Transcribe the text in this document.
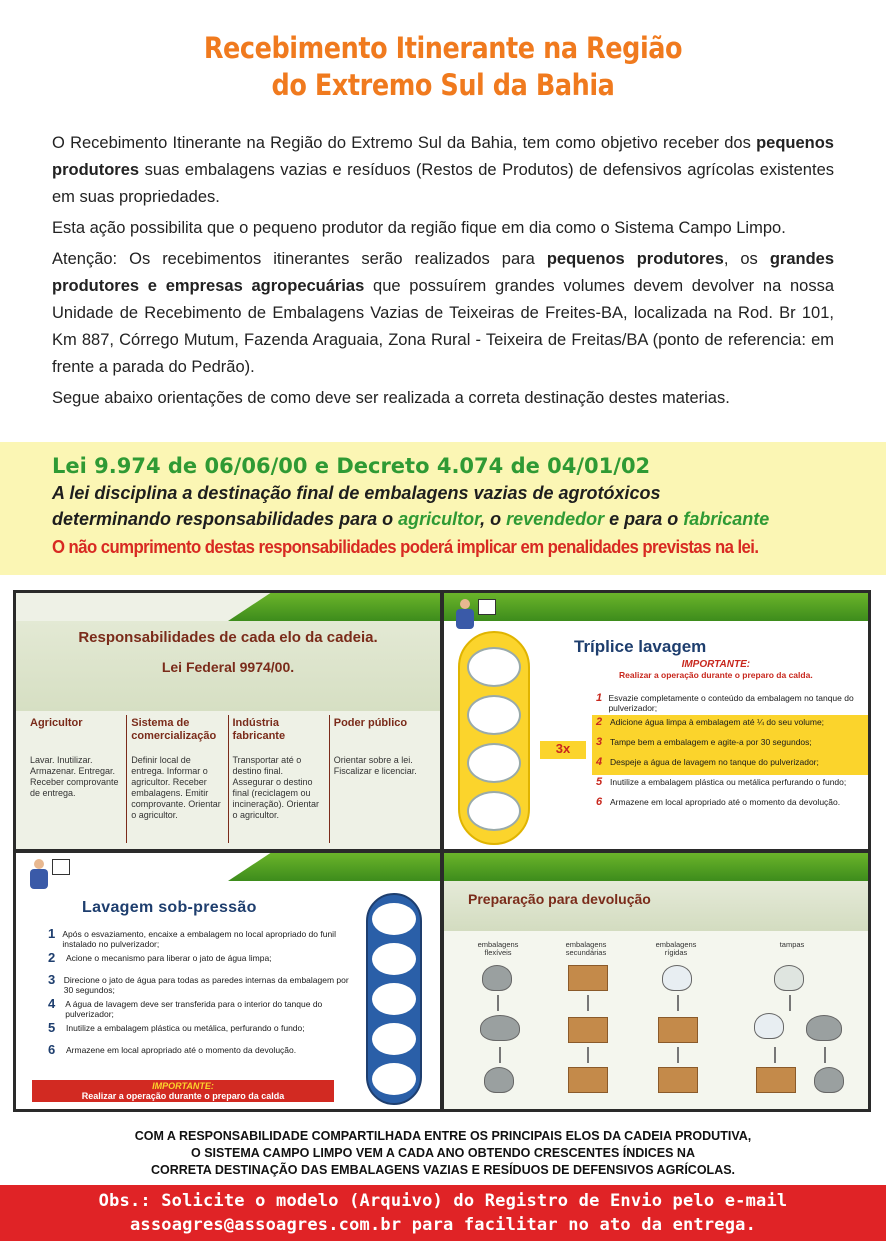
Recebimento Itinerante na Região
do Extremo Sul da Bahia

O Recebimento Itinerante na Região do Extremo Sul da Bahia, tem como objetivo receber dos pequenos produtores suas embalagens vazias e resíduos (Restos de Produtos) de defensivos agrícolas existentes em suas propriedades.

Esta ação possibilita que o pequeno produtor da região fique em dia como o Sistema Campo Limpo.

Atenção: Os recebimentos itinerantes serão realizados para pequenos produtores, os grandes produtores e empresas agropecuárias que possuírem grandes volumes devem devolver na nossa Unidade de Recebimento de Embalagens Vazias de Teixeiras de Freites-BA, localizada na Rod. Br 101, Km 887, Córrego Mutum, Fazenda Araguaia, Zona Rural - Teixeira de Freitas/BA (ponto de referencia: em frente a parada do Pedrão).

Segue abaixo orientações de como deve ser realizada a correta destinação destes materias.

Lei 9.974 de 06/06/00 e Decreto 4.074 de 04/01/02
A lei disciplina a destinação final de embalagens vazias de agrotóxicos
determinando responsabilidades para o agricultor, o revendedor e para o fabricante
O não cumprimento destas responsabilidades poderá implicar em penalidades previstas na lei.
Responsabilidades de cada elo da cadeia.
Lei Federal 9974/00.
Agricultor
Lavar. Inutilizar. Armazenar. Entregar. Receber comprovante de entrega.
Sistema de comercialização
Definir local de entrega. Informar o agricultor. Receber embalagens. Emitir comprovante. Orientar o agricultor.
Indústria fabricante
Transportar até o destino final. Assegurar o destino final (reciclagem ou incineração). Orientar o agricultor.
Poder público
Orientar sobre a lei. Fiscalizar e licenciar.
Tríplice lavagem
IMPORTANTE:
Realizar a operação durante o preparo da calda.
3x
1 Esvazie completamente o conteúdo da embalagem no tanque do pulverizador;
2 Adicione água limpa à embalagem até ¼ do seu volume;
3 Tampe bem a embalagem e agite-a por 30 segundos;
4 Despeje a água de lavagem no tanque do pulverizador;
5 Inutilize a embalagem plástica ou metálica perfurando o fundo;
6 Armazene em local apropriado até o momento da devolução.
Lavagem sob-pressão
1 Após o esvaziamento, encaixe a embalagem no local apropriado do funil instalado no pulverizador;
2	Acione o mecanismo para liberar o jato de água limpa;
3	Direcione o jato de água para todas as paredes internas da embalagem por 30 segundos;
4	A água de lavagem deve ser transferida para o interior do tanque do pulverizador;
5	Inutilize a embalagem plástica ou metálica, perfurando o fundo;
6	Armazene em local apropriado até o momento da devolução.
IMPORTANTE:
Realizar a operação durante o preparo da calda
Preparação para devolução
embalagens flexíveis
embalagens secundárias
embalagens rígidas
tampas
COM A RESPONSABILIDADE COMPARTILHADA ENTRE OS PRINCIPAIS ELOS DA CADEIA PRODUTIVA,
O SISTEMA CAMPO LIMPO VEM A CADA ANO OBTENDO CRESCENTES ÍNDICES NA
CORRETA DESTINAÇÃO DAS EMBALAGENS VAZIAS E RESÍDUOS DE DEFENSIVOS AGRÍCOLAS.
Obs.: Solicite o modelo (Arquivo) do Registro de Envio pelo e-mail
assoagres@assoagres.com.br para facilitar no ato da entrega.
